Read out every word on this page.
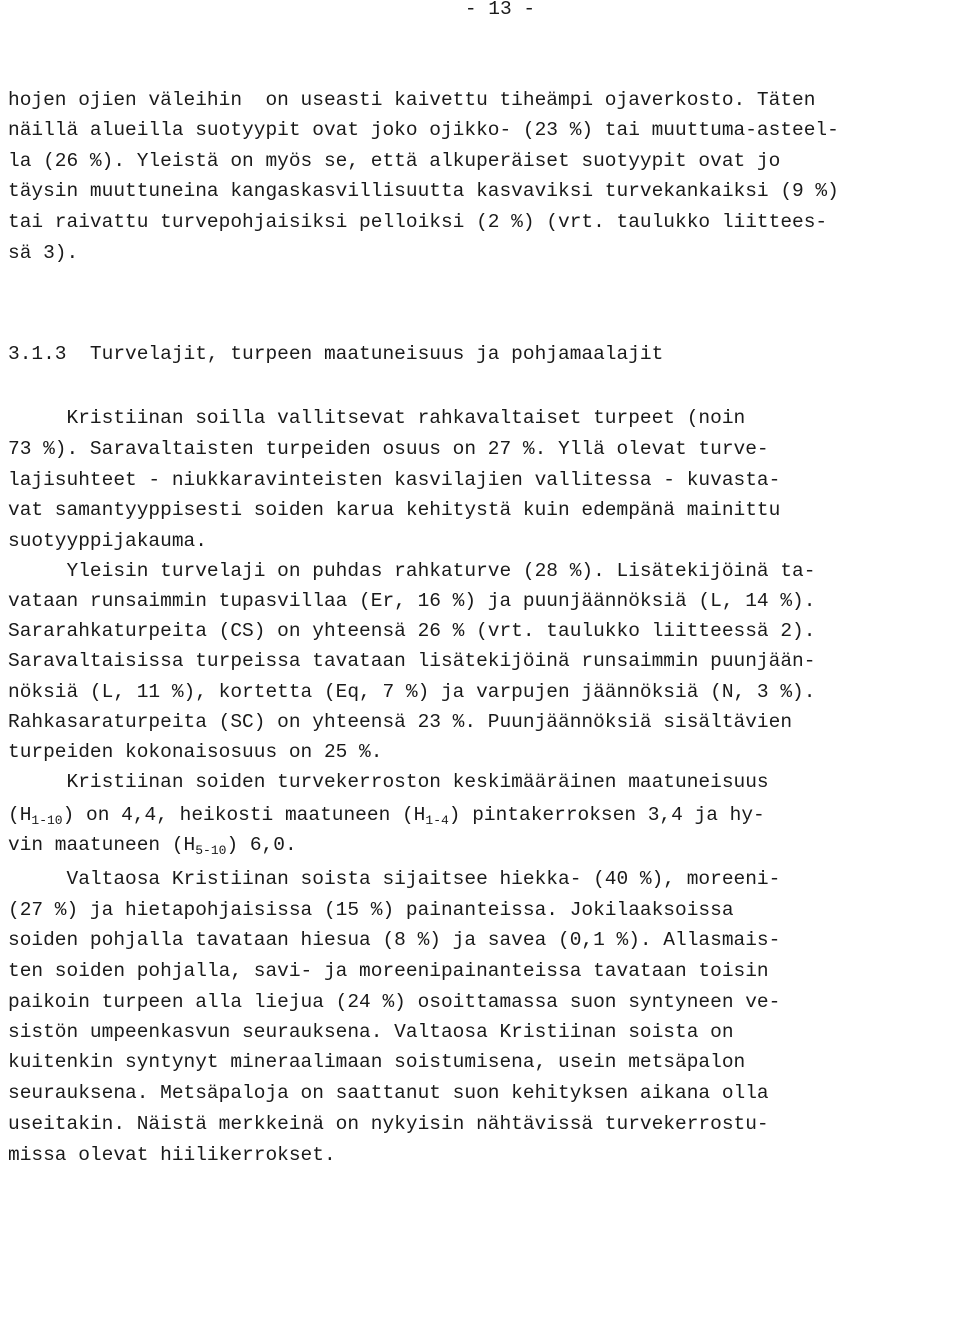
- 13 -
hojen ojien väleihin  on useasti kaivettu tiheämpi ojaverkosto. Täten
näillä alueilla suotyypit ovat joko ojikko- (23 %) tai muuttuma-asteel-
la (26 %). Yleistä on myös se, että alkuperäiset suotyypit ovat jo
täysin muuttuneina kangaskasvillisuutta kasvaviksi turvekankaiksi (9 %)
tai raivattu turvepohjaisiksi pelloiksi (2 %) (vrt. taulukko liittees-
sä 3).
3.1.3  Turvelajit, turpeen maatuneisuus ja pohjamaalajit
Kristiinan soilla vallitsevat rahkavaltaiset turpeet (noin
73 %). Saravaltaisten turpeiden osuus on 27 %. Yllä olevat turve-
lajisuhteet - niukkaravinteisten kasvilajien vallitessa - kuvasta-
vat samantyyppisesti soiden karua kehitystä kuin edempänä mainittu
suotyyppijakauma.
Yleisin turvelaji on puhdas rahkaturve (28 %). Lisätekijöinä ta-
vataan runsaimmin tupasvillaa (Er, 16 %) ja puunjäännöksiä (L, 14 %).
Sararahkaturpeita (CS) on yhteensä 26 % (vrt. taulukko liitteessä 2).
Saravaltaisissa turpeissa tavataan lisätekijöinä runsaimmin puunjään-
nöksiä (L, 11 %), kortetta (Eq, 7 %) ja varpujen jäännöksiä (N, 3 %).
Rahkasaraturpeita (SC) on yhteensä 23 %. Puunjäännöksiä sisältävien
turpeiden kokonaisosuus on 25 %.
Kristiinan soiden turvekerroston keskimääräinen maatuneisuus
$(H_{1-10})$ on 4,4, heikosti maatuneen $(H_{1-4})$ pintakerroksen 3,4 ja hy-
vin maatuneen $(H_{5-10})$ 6,0.
Valtaosa Kristiinan soista sijaitsee hiekka- (40 %), moreeni-
(27 %) ja hietapohjaisissa (15 %) painanteissa. Jokilaaksoissa
soiden pohjalla tavataan hiesua (8 %) ja savea (0,1 %). Allasmais-
ten soiden pohjalla, savi- ja moreenipainanteissa tavataan toisin
paikoin turpeen alla liejua (24 %) osoittamassa suon syntyneen ve-
sistön umpeenkasvun seurauksena. Valtaosa Kristiinan soista on
kuitenkin syntynyt mineraalimaan soistumisena, usein metsäpalon
seurauksena. Metsäpaloja on saattanut suon kehityksen aikana olla
useitakin. Näistä merkkeinä on nykyisin nähtävissä turvekerrostu-
missa olevat hiilikerrokset.
